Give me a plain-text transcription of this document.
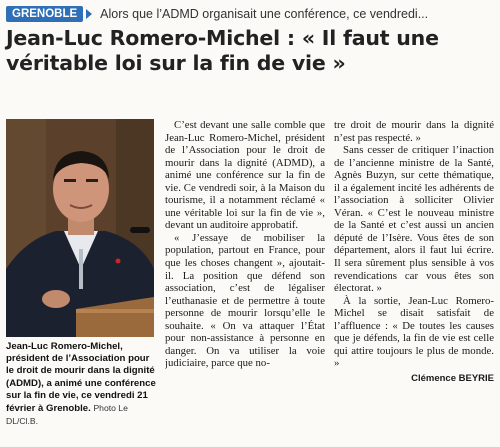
GRENOBLE Alors que l’ADMD organisait une conférence, ce vendredi...
Jean-Luc Romero-Michel : « Il faut une véritable loi sur la fin de vie »
Jean-Luc Romero-Michel, président de l’Association pour le droit de mourir dans la dignité (ADMD), a animé une conférence sur la fin de vie, ce vendredi 21 février à Grenoble. Photo Le DL/Cl.B.

C’est devant une salle comble que Jean-Luc Romero-Michel, président de l’Association pour le droit de mourir dans la dignité (ADMD), a animé une conférence sur la fin de vie. Ce vendredi soir, à la Maison du tourisme, il a notamment réclamé « une véritable loi sur la fin de vie », devant un auditoire approbatif.

« J’essaye de mobiliser la population, partout en France, pour que les choses changent », ajoutait-il. La position que défend son association, c’est de légaliser l’euthanasie et de permettre à toute personne de mourir lorsqu’elle le souhaite. « On va attaquer l’État pour non-assistance à personne en danger. On va utiliser la voie judiciaire, parce que no-

tre droit de mourir dans la dignité n’est pas respecté. »

Sans cesser de critiquer l’inaction de l’ancienne ministre de la Santé, Agnès Buzyn, sur cette thématique, il a également incité les adhérents de l’association à solliciter Olivier Véran. « C’est le nouveau ministre de la Santé et c’est aussi un ancien député de l’Isère. Vous êtes de son département, alors il faut lui écrire. Il sera sûrement plus sensible à vos revendications car vous êtes son électorat. »

À la sortie, Jean-Luc Romero-Michel se disait satisfait de l’affluence : « De toutes les causes que je défends, la fin de vie est celle qui attire toujours le plus de monde. »

Clémence BEYRIE
